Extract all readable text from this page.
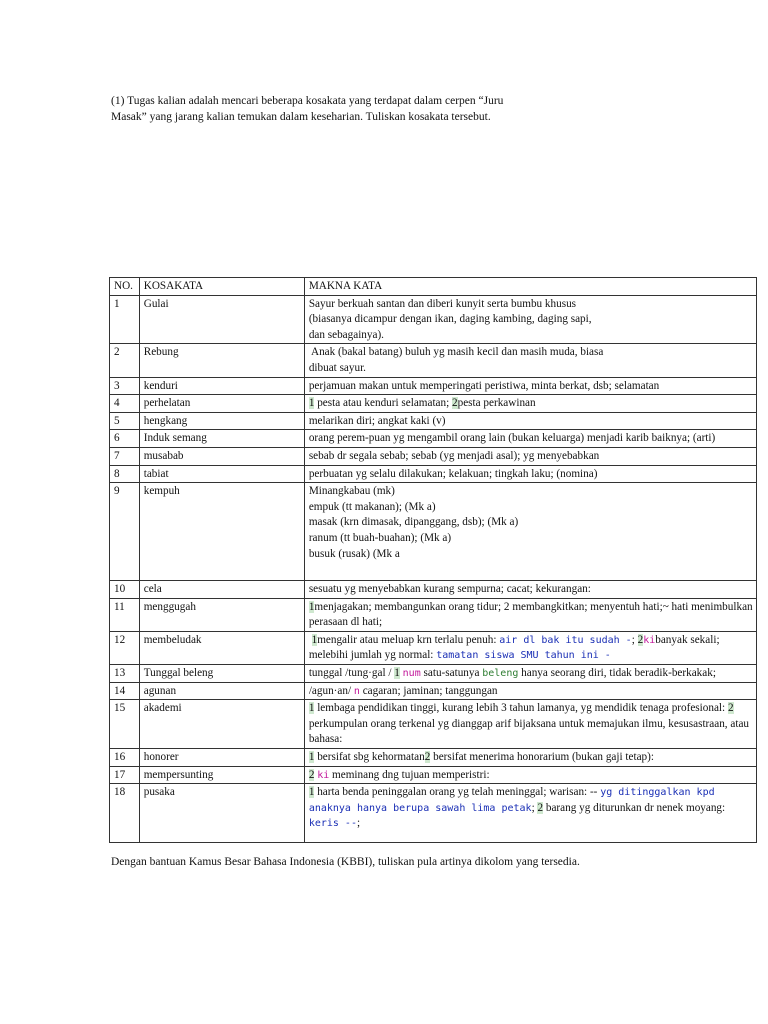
(1) Tugas kalian adalah mencari beberapa kosakata yang terdapat dalam cerpen “Juru
Masak” yang jarang kalian temukan dalam keseharian. Tuliskan kosakata tersebut.
NO.	KOSAKATA	MAKNA KATA
1	Gulai	Sayur berkuah santan dan diberi kunyit serta bumbu khusus
(biasanya dicampur dengan ikan, daging kambing, daging sapi,
dan sebagainya).

2	Rebung	Anak (bakal batang) buluh yg masih kecil dan masih muda, biasa
dibuat sayur.

3	kenduri	perjamuan makan untuk memperingati peristiwa, minta berkat, dsb; selamatan
4	perhelatan	1 pesta atau kenduri selamatan; 2pesta perkawinan
5	hengkang	melarikan diri; angkat kaki (v)
6	Induk semang	orang perem-puan yg mengambil orang lain (bukan keluarga) menjadi karib baiknya; (arti)
7	musabab	sebab dr segala sebab; sebab (yg menjadi asal); yg menyebabkan
8	tabiat	perbuatan yg selalu dilakukan; kelakuan; tingkah laku; (nomina)
9	kempuh	Minangkabau (mk)
empuk (tt makanan); (Mk a)
masak (krn dimasak, dipanggang, dsb); (Mk a)
ranum (tt buah-buahan); (Mk a)
busuk (rusak) (Mk a

10	cela	sesuatu yg menyebabkan kurang sempurna; cacat; kekurangan:
11	menggugah	1menjagakan; membangunkan orang tidur; 2 membangkitkan; menyentuh hati;~ hati menimbulkan perasaan dl hati;
12	membeludak	1mengalir atau meluap krn terlalu penuh: air dl bak itu sudah -; 2kibanyak sekali; melebihi jumlah yg normal: tamatan siswa SMU tahun ini -
13	Tunggal beleng	tunggal /tung·gal / 1 num satu-satunya beleng hanya seorang diri, tidak beradik-berkakak;
14	agunan	/agun·an/ n cagaran; jaminan; tanggungan
15	akademi	1 lembaga pendidikan tinggi, kurang lebih 3 tahun lamanya, yg mendidik tenaga profesional: 2 perkumpulan orang terkenal yg dianggap arif bijaksana untuk memajukan ilmu, kesusastraan, atau bahasa:
16	honorer	1 bersifat sbg kehormatan2 bersifat menerima honorarium (bukan gaji tetap):
17	mempersunting	2 ki meminang dng tujuan memperistri:
18	pusaka	1 harta benda peninggalan orang yg telah meninggal; warisan: -- yg ditinggalkan kpd anaknya hanya berupa sawah lima petak; 2 barang yg diturunkan dr nenek moyang: keris --;
Dengan bantuan Kamus Besar Bahasa Indonesia (KBBI), tuliskan pula artinya dikolom yang tersedia.
